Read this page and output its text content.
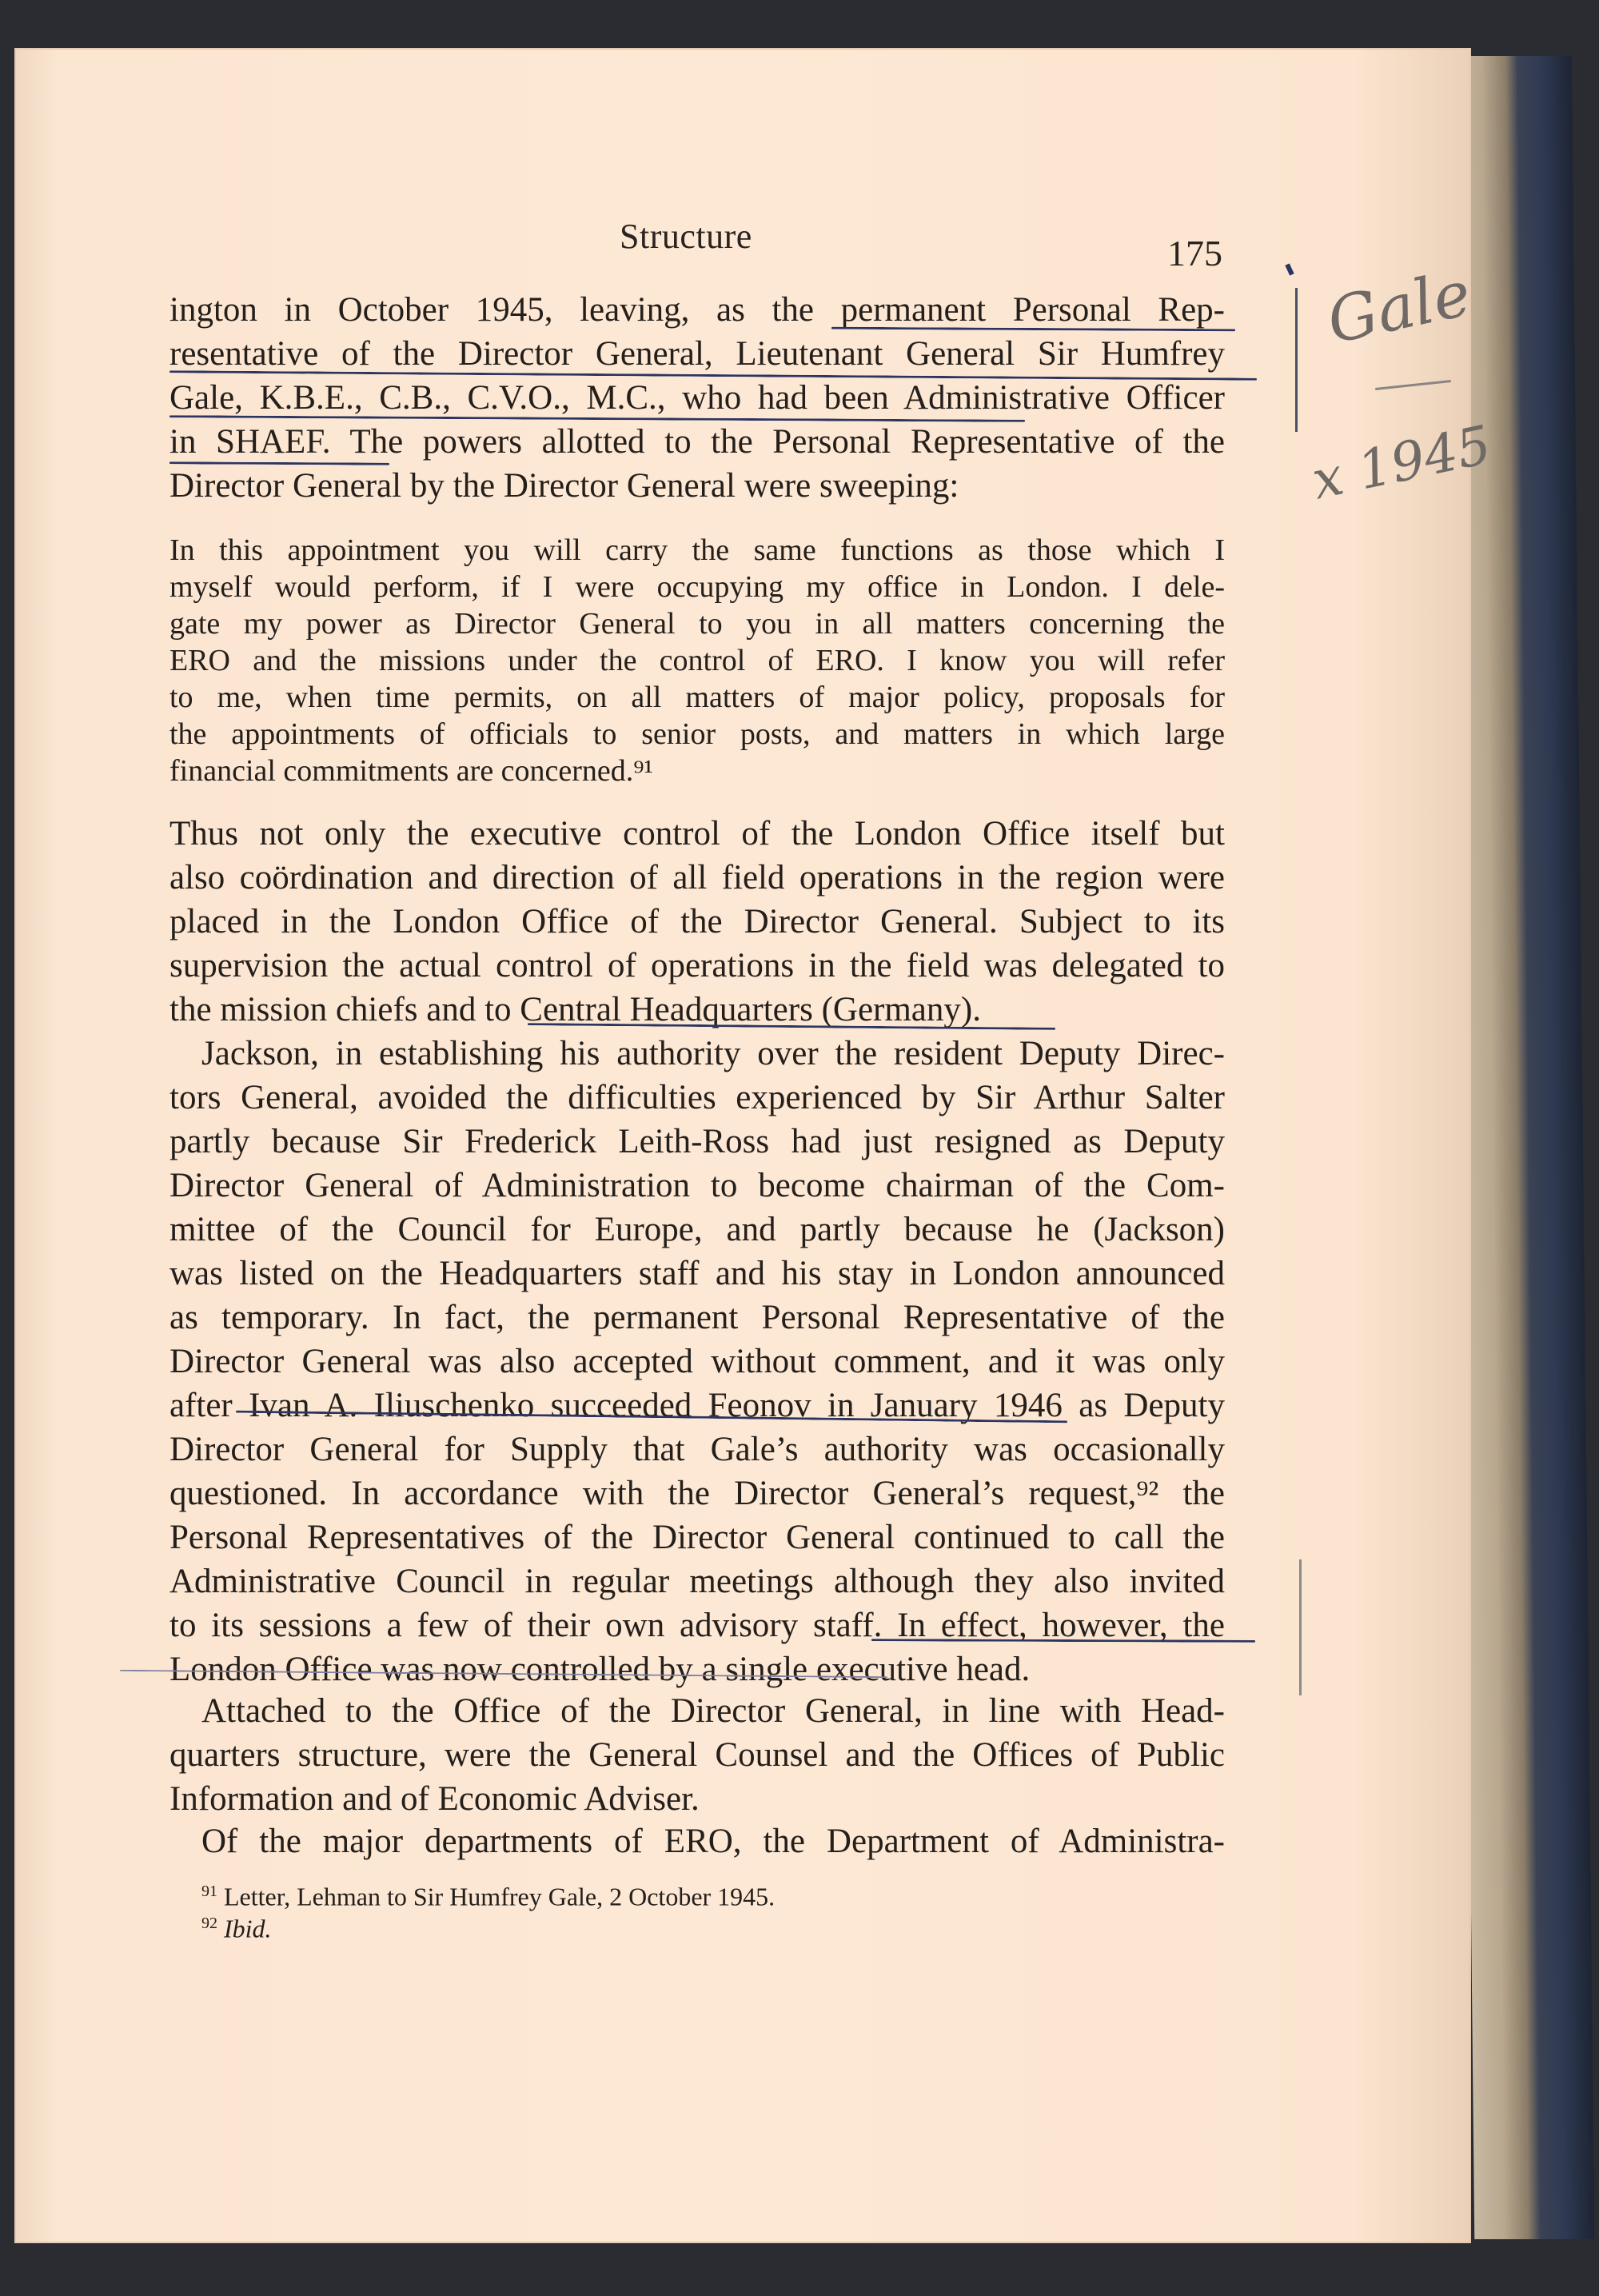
Structure	175

ington in October 1945, leaving, as the permanent Personal Rep-

resentative of the Director General, Lieutenant General Sir Humfrey

Gale, K.B.E., C.B., C.V.O., M.C., who had been Administrative Officer

in SHAEF. The powers allotted to the Personal Representative of the

Director General by the Director General were sweeping:

In this appointment you will carry the same functions as those which I

myself would perform, if I were occupying my office in London. I dele-

gate my power as Director General to you in all matters concerning the

ERO and the missions under the control of ERO. I know you will refer

to me, when time permits, on all matters of major policy, proposals for

the appointments of officials to senior posts, and matters in which large

financial commitments are concerned.⁹¹

Thus not only the executive control of the London Office itself but

also coördination and direction of all field operations in the region were

placed in the London Office of the Director General. Subject to its

supervision the actual control of operations in the field was delegated to

the mission chiefs and to Central Headquarters (Germany).

Jackson, in establishing his authority over the resident Deputy Direc-

tors General, avoided the difficulties experienced by Sir Arthur Salter

partly because Sir Frederick Leith-Ross had just resigned as Deputy

Director General of Administration to become chairman of the Com-

mittee of the Council for Europe, and partly because he (Jackson)

was listed on the Headquarters staff and his stay in London announced

as temporary. In fact, the permanent Personal Representative of the

Director General was also accepted without comment, and it was only

after Ivan A. Iliuschenko succeeded Feonov in January 1946 as Deputy

Director General for Supply that Gale’s authority was occasionally

questioned. In accordance with the Director General’s request,⁹² the

Personal Representatives of the Director General continued to call the

Administrative Council in regular meetings although they also invited

to its sessions a few of their own advisory staff. In effect, however, the

London Office was now controlled by a single executive head.

Attached to the Office of the Director General, in line with Head-

quarters structure, were the General Counsel and the Offices of Public

Information and of Economic Adviser.

Of the major departments of ERO, the Department of Administra-

$^{91}$ Letter, Lehman to Sir Humfrey Gale, 2 October 1945.

$^{92}$ Ibid.

Gale
x 1945
